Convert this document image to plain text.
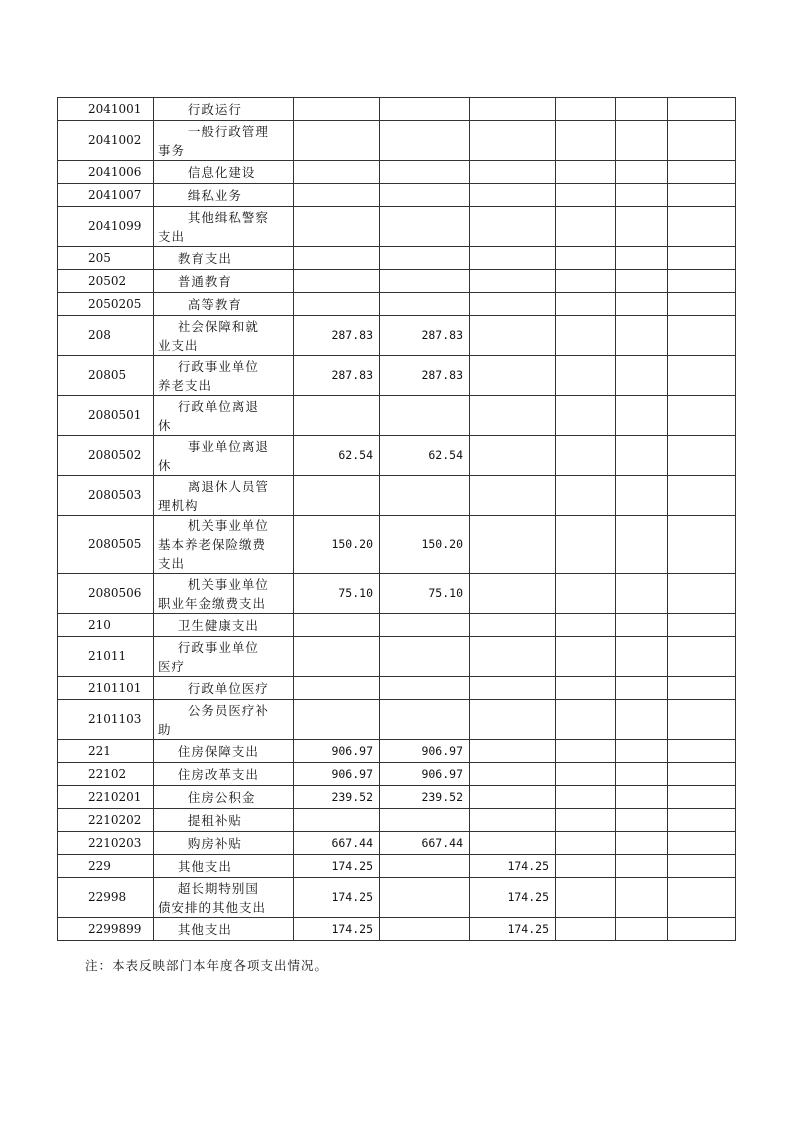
2041001	行政运行						
2041002	一般行政管理
事务						
2041006	信息化建设						
2041007	缉私业务						
2041099	其他缉私警察
支出						
205	教育支出						
20502	普通教育						
2050205	高等教育						
208	社会保障和就
业支出	287.83	287.83				
20805	行政事业单位
养老支出	287.83	287.83				
2080501	行政单位离退
休						
2080502	事业单位离退
休	62.54	62.54				
2080503	离退休人员管
理机构						
2080505	机关事业单位
基本养老保险缴费
支出	150.20	150.20				
2080506	机关事业单位
职业年金缴费支出	75.10	75.10				
210	卫生健康支出						
21011	行政事业单位
医疗						
2101101	行政单位医疗						
2101103	公务员医疗补
助						
221	住房保障支出	906.97	906.97				
22102	住房改革支出	906.97	906.97				
2210201	住房公积金	239.52	239.52				
2210202	提租补贴						
2210203	购房补贴	667.44	667.44				
229	其他支出	174.25		174.25			
22998	超长期特别国
债安排的其他支出	174.25		174.25			
2299899	其他支出	174.25		174.25			
注：本表反映部门本年度各项支出情况。
